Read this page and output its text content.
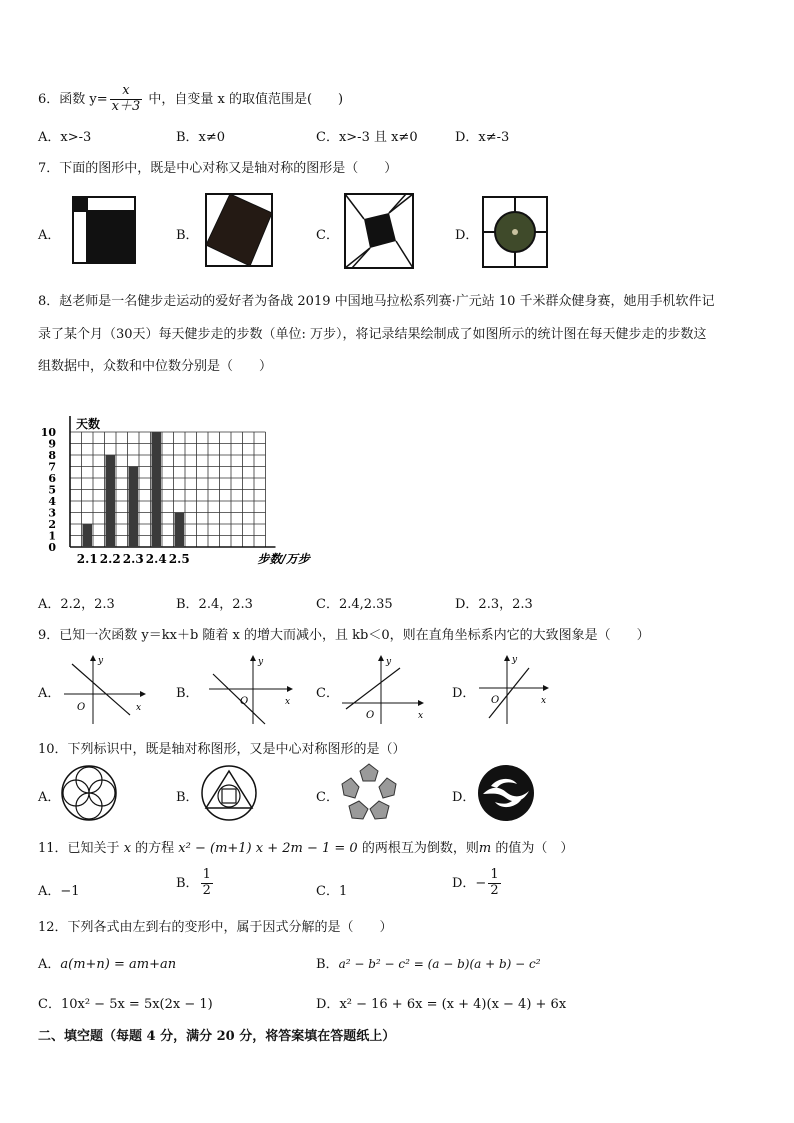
6．函数 $y= \frac{x}{x+3}$ 中，自变量 x 的取值范围是(　　)
A．x>-3	B．x≠0	C．x>-3 且 x≠0	D．x≠-3
7．下面的图形中，既是中心对称又是轴对称的图形是（　　）
A．	B．	C．	D．
8．赵老师是一名健步走运动的爱好者为备战 2019 中国地马拉松系列赛·广元站 10 千米群众健身赛，她用手机软件记
录了某个月（30天）每天健步走的步数（单位: 万步），将记录结果绘制成了如图所示的统计图在每天健步走的步数这
组数据中，众数和中位数分别是（　　）
0
1
2
3
4
5
6
7
8
9
10
2.1 2.2 2.3 2.4 2.5
天数
步数/万步
A．2.2，2.3	B．2.4，2.3	C．2.4,2.35	D．2.3，2.3
9．已知一次函数 y＝kx＋b 随着 x 的增大而减小，且 kb＜0，则在直角坐标系内它的大致图象是（　　）
A．	B．	C．	D．
y
x
O
y
x
O
y
x
O
y
x
O
10．下列标识中，既是轴对称图形，又是中心对称图形的是（）
A．	B．	C．	D．
11．已知关于 x 的方程 x² − (m+1) x + 2m − 1 = 0 的两根互为倒数，则m 的值为（　）
A．−1
B． $\frac{1}{2}$	C．1
D．− $\frac{1}{2}$
12．下列各式由左到右的变形中，属于因式分解的是（　　）
A．a(m+n) = am+an	B．a² − b² − c² = (a − b)(a + b) − c²
C．10x² − 5x = 5x(2x − 1)	D．x² − 16 + 6x = (x + 4)(x − 4) + 6x
二、填空题（每题 4 分，满分 20 分，将答案填在答题纸上）
